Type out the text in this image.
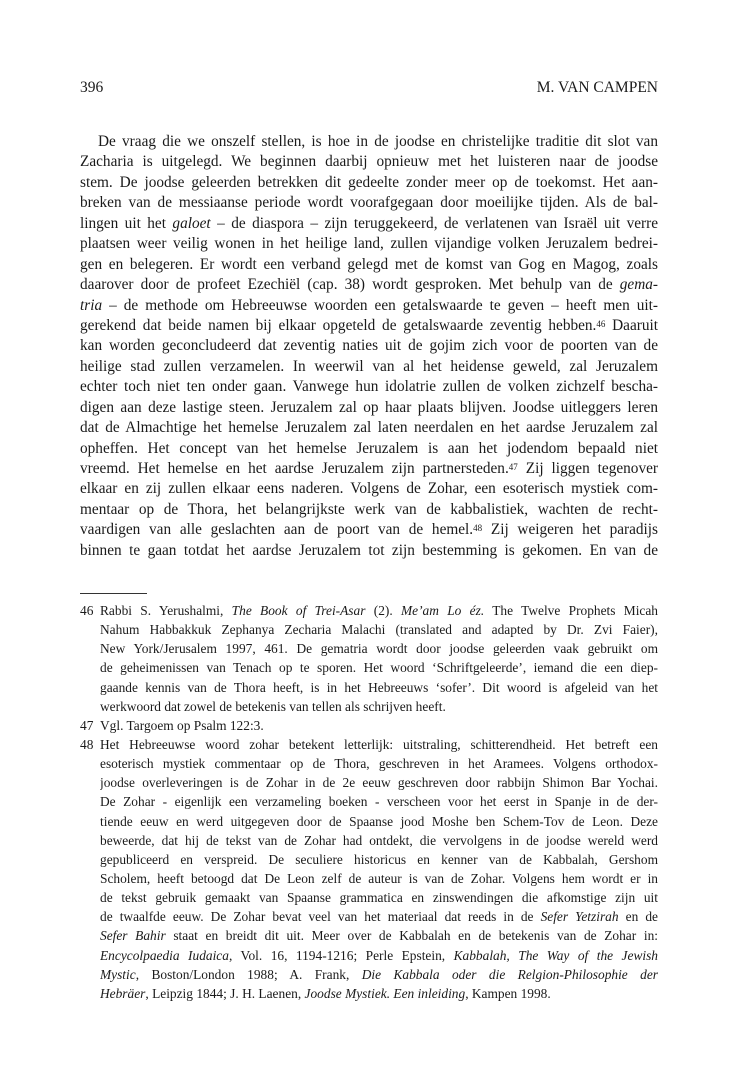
396	M. VAN CAMPEN
De vraag die we onszelf stellen, is hoe in de joodse en christelijke traditie dit slot van
Zacharia is uitgelegd. We beginnen daarbij opnieuw met het luisteren naar de joodse
stem. De joodse geleerden betrekken dit gedeelte zonder meer op de toekomst. Het aan-
breken van de messiaanse periode wordt voorafgegaan door moeilijke tijden. Als de bal-
lingen uit het galoet – de diaspora – zijn teruggekeerd, de verlatenen van Israël uit verre
plaatsen weer veilig wonen in het heilige land, zullen vijandige volken Jeruzalem bedrei-
gen en belegeren. Er wordt een verband gelegd met de komst van Gog en Magog, zoals
daarover door de profeet Ezechiël (cap. 38) wordt gesproken. Met behulp van de gema-
tria – de methode om Hebreeuwse woorden een getalswaarde te geven – heeft men uit-
gerekend dat beide namen bij elkaar opgeteld de getalswaarde zeventig hebben.$^{46}$ Daaruit
kan worden geconcludeerd dat zeventig naties uit de gojim zich voor de poorten van de
heilige stad zullen verzamelen. In weerwil van al het heidense geweld, zal Jeruzalem
echter toch niet ten onder gaan. Vanwege hun idolatrie zullen de volken zichzelf bescha-
digen aan deze lastige steen. Jeruzalem zal op haar plaats blijven. Joodse uitleggers leren
dat de Almachtige het hemelse Jeruzalem zal laten neerdalen en het aardse Jeruzalem zal
opheffen. Het concept van het hemelse Jeruzalem is aan het jodendom bepaald niet
vreemd. Het hemelse en het aardse Jeruzalem zijn partnersteden.$^{47}$ Zij liggen tegenover
elkaar en zij zullen elkaar eens naderen. Volgens de Zohar, een esoterisch mystiek com-
mentaar op de Thora, het belangrijkste werk van de kabbalistiek, wachten de recht-
vaardigen van alle geslachten aan de poort van de hemel.$^{48}$ Zij weigeren het paradijs
binnen te gaan totdat het aardse Jeruzalem tot zijn bestemming is gekomen. En van de
46 Rabbi S. Yerushalmi, The Book of Trei-Asar (2). Me’am Lo éz. The Twelve Prophets Micah
Nahum Habbakkuk Zephanya Zecharia Malachi (translated and adapted by Dr. Zvi Faier),
New York/Jerusalem 1997, 461. De gematria wordt door joodse geleerden vaak gebruikt om
de geheimenissen van Tenach op te sporen. Het woord ‘Schriftgeleerde’, iemand die een diep-
gaande kennis van de Thora heeft, is in het Hebreeuws ‘sofer’. Dit woord is afgeleid van het
werkwoord dat zowel de betekenis van tellen als schrijven heeft.
47 Vgl. Targoem op Psalm 122:3.
48 Het Hebreeuwse woord zohar betekent letterlijk: uitstraling, schitterendheid. Het betreft een
esoterisch mystiek commentaar op de Thora, geschreven in het Aramees. Volgens orthodox-
joodse overleveringen is de Zohar in de 2e eeuw geschreven door rabbijn Shimon Bar Yochai.
De Zohar - eigenlijk een verzameling boeken - verscheen voor het eerst in Spanje in de der-
tiende eeuw en werd uitgegeven door de Spaanse jood Moshe ben Schem-Tov de Leon. Deze
beweerde, dat hij de tekst van de Zohar had ontdekt, die vervolgens in de joodse wereld werd
gepubliceerd en verspreid. De seculiere historicus en kenner van de Kabbalah, Gershom
Scholem, heeft betoogd dat De Leon zelf de auteur is van de Zohar. Volgens hem wordt er in
de tekst gebruik gemaakt van Spaanse grammatica en zinswendingen die afkomstige zijn uit
de twaalfde eeuw. De Zohar bevat veel van het materiaal dat reeds in de Sefer Yetzirah en de
Sefer Bahir staat en breidt dit uit. Meer over de Kabbalah en de betekenis van de Zohar in:
Encycolpaedia Iudaica, Vol. 16, 1194-1216; Perle Epstein, Kabbalah, The Way of the Jewish
Mystic, Boston/London 1988; A. Frank, Die Kabbala oder die Relgion-Philosophie der
Hebräer, Leipzig 1844; J. H. Laenen, Joodse Mystiek. Een inleiding, Kampen 1998.
